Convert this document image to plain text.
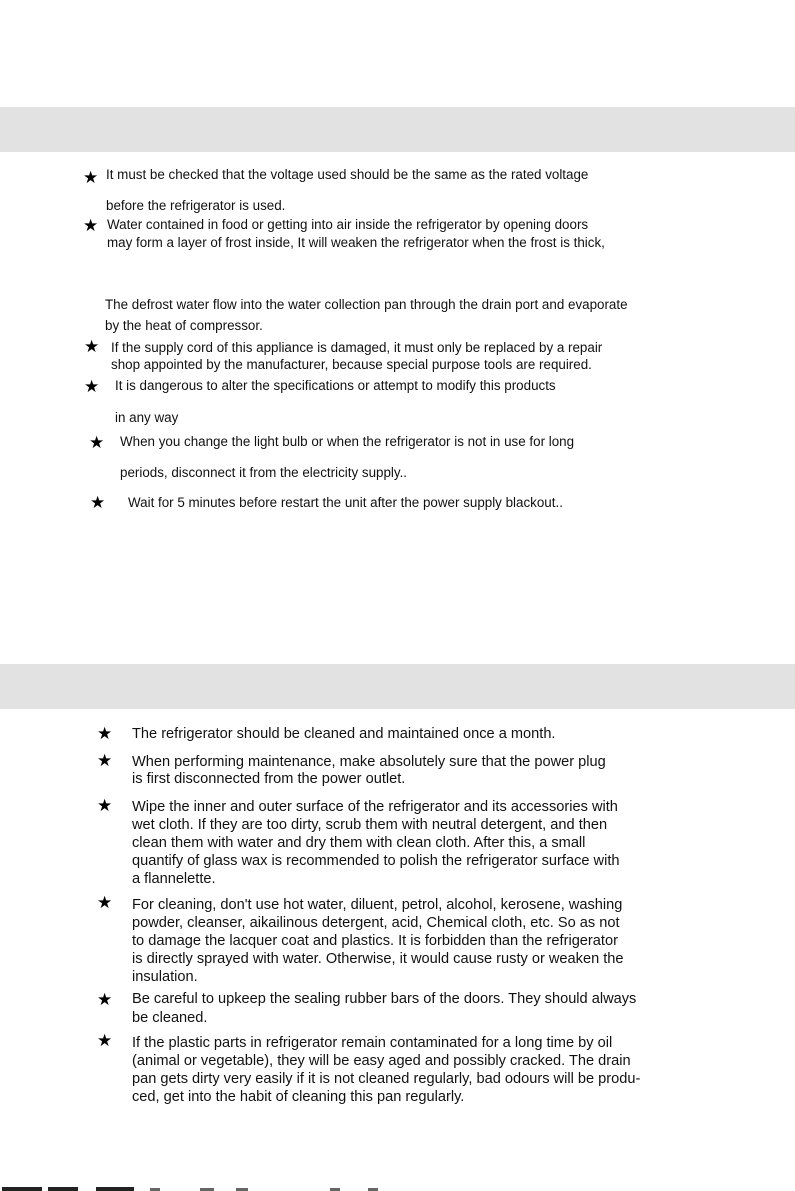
★ It must be checked that the voltage used should be the same as the rated voltage
before the refrigerator is used.
★ Water contained in food or getting into air inside the refrigerator by opening doors
may form a layer of frost inside, It will weaken the refrigerator when the frost is thick,
The defrost water flow into the water collection pan through the drain port and evaporate
by the heat of compressor.
★ If the supply cord of this appliance is damaged, it must only be replaced by a repair
shop appointed by the manufacturer, because special purpose tools are required.
★ It is dangerous to alter the specifications or attempt to modify this products
in any way
★ When you change the light bulb or when the refrigerator is not in use for long
periods, disconnect it from the electricity supply..
★ Wait for 5 minutes before restart the unit after the power supply blackout..
★ The refrigerator should be cleaned and maintained once a month.
★ When performing maintenance, make absolutely sure that the power plug
is first disconnected from the power outlet.
★ Wipe the inner and outer surface of the refrigerator and its accessories with
wet cloth. If they are too dirty, scrub them with neutral detergent, and then
clean them with water and dry them with clean cloth. After this, a small
quantify of glass wax is recommended to polish the refrigerator surface with
a flannelette.
★ For cleaning, don't use hot water, diluent, petrol, alcohol, kerosene, washing
powder, cleanser, aikailinous detergent, acid, Chemical cloth, etc. So as not
to damage the lacquer coat and plastics. It is forbidden than the refrigerator
is directly sprayed with water. Otherwise, it would cause rusty or weaken the
insulation.
★ Be careful to upkeep the sealing rubber bars of the doors. They should always
be cleaned.
★ If the plastic parts in refrigerator remain contaminated for a long time by oil
(animal or vegetable), they will be easy aged and possibly cracked. The drain
pan gets dirty very easily if it is not cleaned regularly, bad odours will be produ-
ced, get into the habit of cleaning this pan regularly.
